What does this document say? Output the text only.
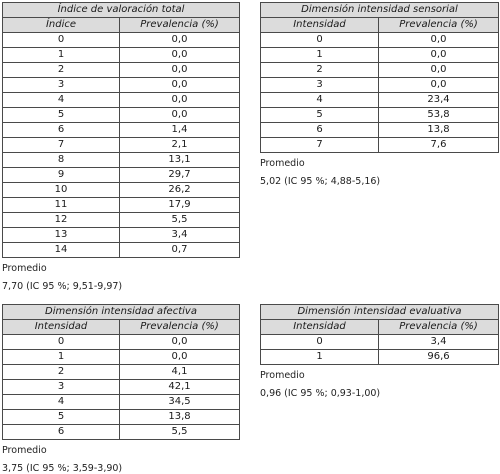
Índice de valoración total	
Índice	Prevalencia (%)
0	0,0
1	0,0
2	0,0
3	0,0
4	0,0
5	0,0
6	1,4
7	2,1
8	13,1
9	29,7
10	26,2
11	17,9
12	5,5
13	3,4
14	0,7

Promedio

7,70 (IC 95 %; 9,51-9,97)

Dimensión intensidad sensorial	
Intensidad	Prevalencia (%)
0	0,0
1	0,0
2	0,0
3	0,0
4	23,4
5	53,8
6	13,8
7	7,6

Promedio

5,02 (IC 95 %; 4,88-5,16)

Dimensión intensidad afectiva	
Intensidad	Prevalencia (%)
0	0,0
1	0,0
2	4,1
3	42,1
4	34,5
5	13,8
6	5,5

Promedio

3,75 (IC 95 %; 3,59-3,90)

Dimensión intensidad evaluativa	
Intensidad	Prevalencia (%)
0	3,4
1	96,6

Promedio

0,96 (IC 95 %; 0,93-1,00)
